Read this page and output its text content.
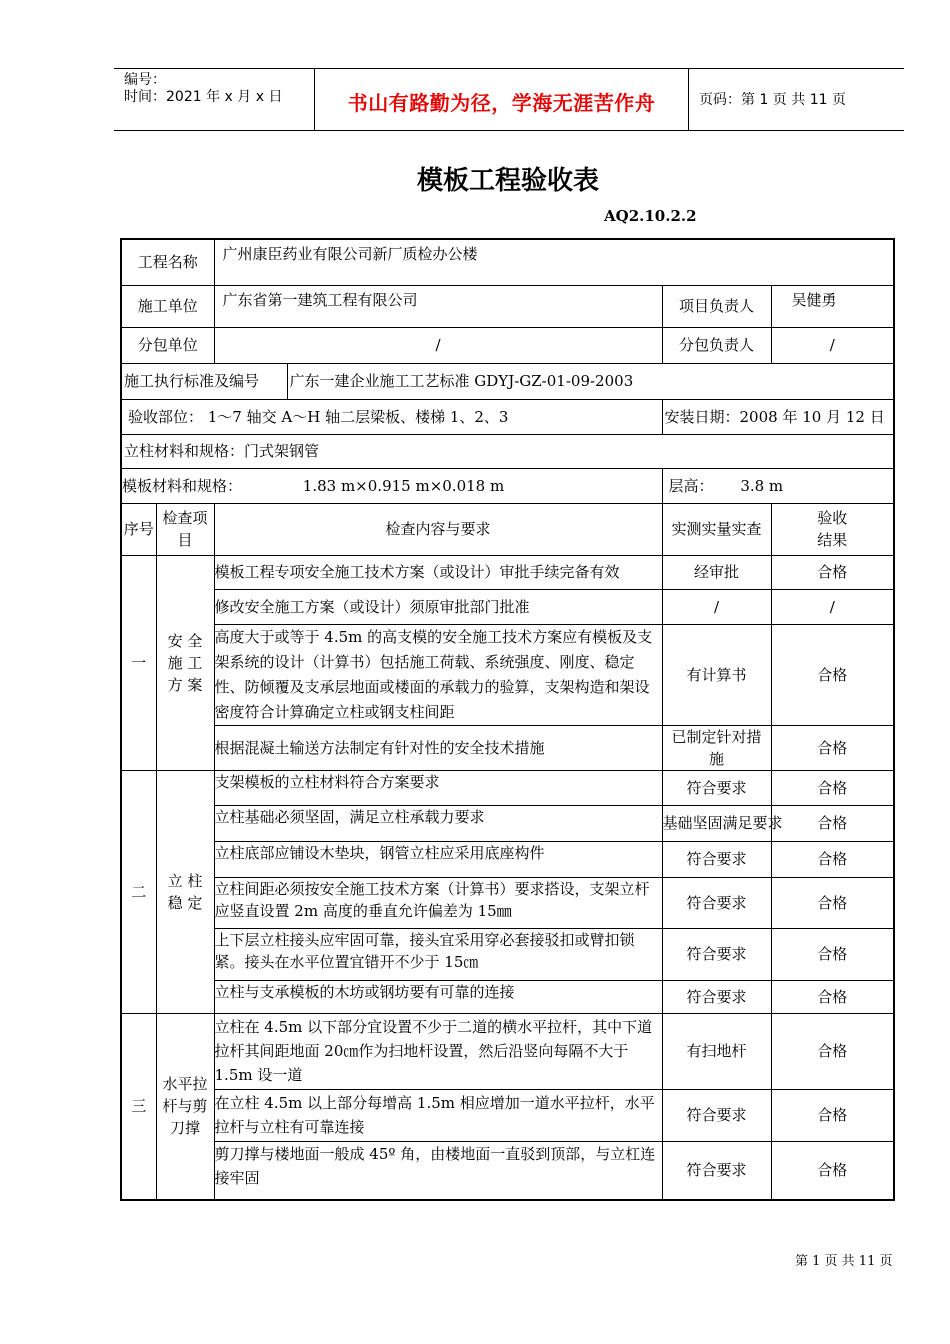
编号：
时间：2021 年 x 月 x 日	书山有路勤为径，学海无涯苦作舟	页码：第 1 页 共 11 页
模板工程验收表
AQ2.10.2.2
工程名称		广州康臣药业有限公司新厂质检办公楼			
施工单位		广东省第一建筑工程有限公司		项目负责人	吴健勇
分包单位		/		分包负责人	/
施工执行标准及编号			广东一建企业施工工艺标准 GDYJ-GZ-01-09-2003		
验收部位： 1～7 轴交 A～H 轴二层梁板、楼梯 1、2、3				安装日期：2008 年 10 月 12 日	
立柱材料和规格：门式架钢管					
模板材料和规格： 1.83 m×0.915 m×0.018 m				层高： 3.8 m	
序号	检查项目	检查内容与要求		实测实量实查	验收结果
一	安 全 施 工 方 案	模板工程专项安全施工技术方案（或设计）审批手续完备有效		经审批	合格
		修改安全施工方案（或设计）须原审批部门批准		/	/
		高度大于或等于 4.5m 的高支模的安全施工技术方案应有模板及支架系统的设计（计算书）包括施工荷载、系统强度、刚度、稳定性、防倾覆及支承层地面或楼面的承载力的验算，支架构造和架设密度符合计算确定立柱或钢支柱间距		有计算书	合格
		根据混凝土输送方法制定有针对性的安全技术措施		已制定针对措施	合格
二	立 柱 稳 定	支架模板的立柱材料符合方案要求		符合要求	合格
		立柱基础必须坚固，满足立柱承载力要求		基础坚固满足要求	合格
		立柱底部应铺设木垫块，钢管立柱应采用底座构件		符合要求	合格
		立柱间距必须按安全施工技术方案（计算书）要求搭设，支架立杆应竖直设置 2m 高度的垂直允许偏差为 15㎜		符合要求	合格
		上下层立柱接头应牢固可靠，接头宜采用穿必套接驳扣或臂扣锁紧。接头在水平位置宜错开不少于 15㎝		符合要求	合格
		立柱与支承模板的木坊或钢坊要有可靠的连接		符合要求	合格
三	水平拉杆与剪刀撑	立柱在 4.5m 以下部分宜设置不少于二道的横水平拉杆，其中下道拉杆其间距地面 20㎝作为扫地杆设置，然后沿竖向每隔不大于 1.5m 设一道		有扫地杆	合格
		在立柱 4.5m 以上部分每增高 1.5m 相应增加一道水平拉杆，水平拉杆与立柱有可靠连接		符合要求	合格
		剪刀撑与楼地面一般成 45º 角，由楼地面一直驳到顶部，与立杠连接牢固		符合要求	合格
第 1 页 共 11 页
